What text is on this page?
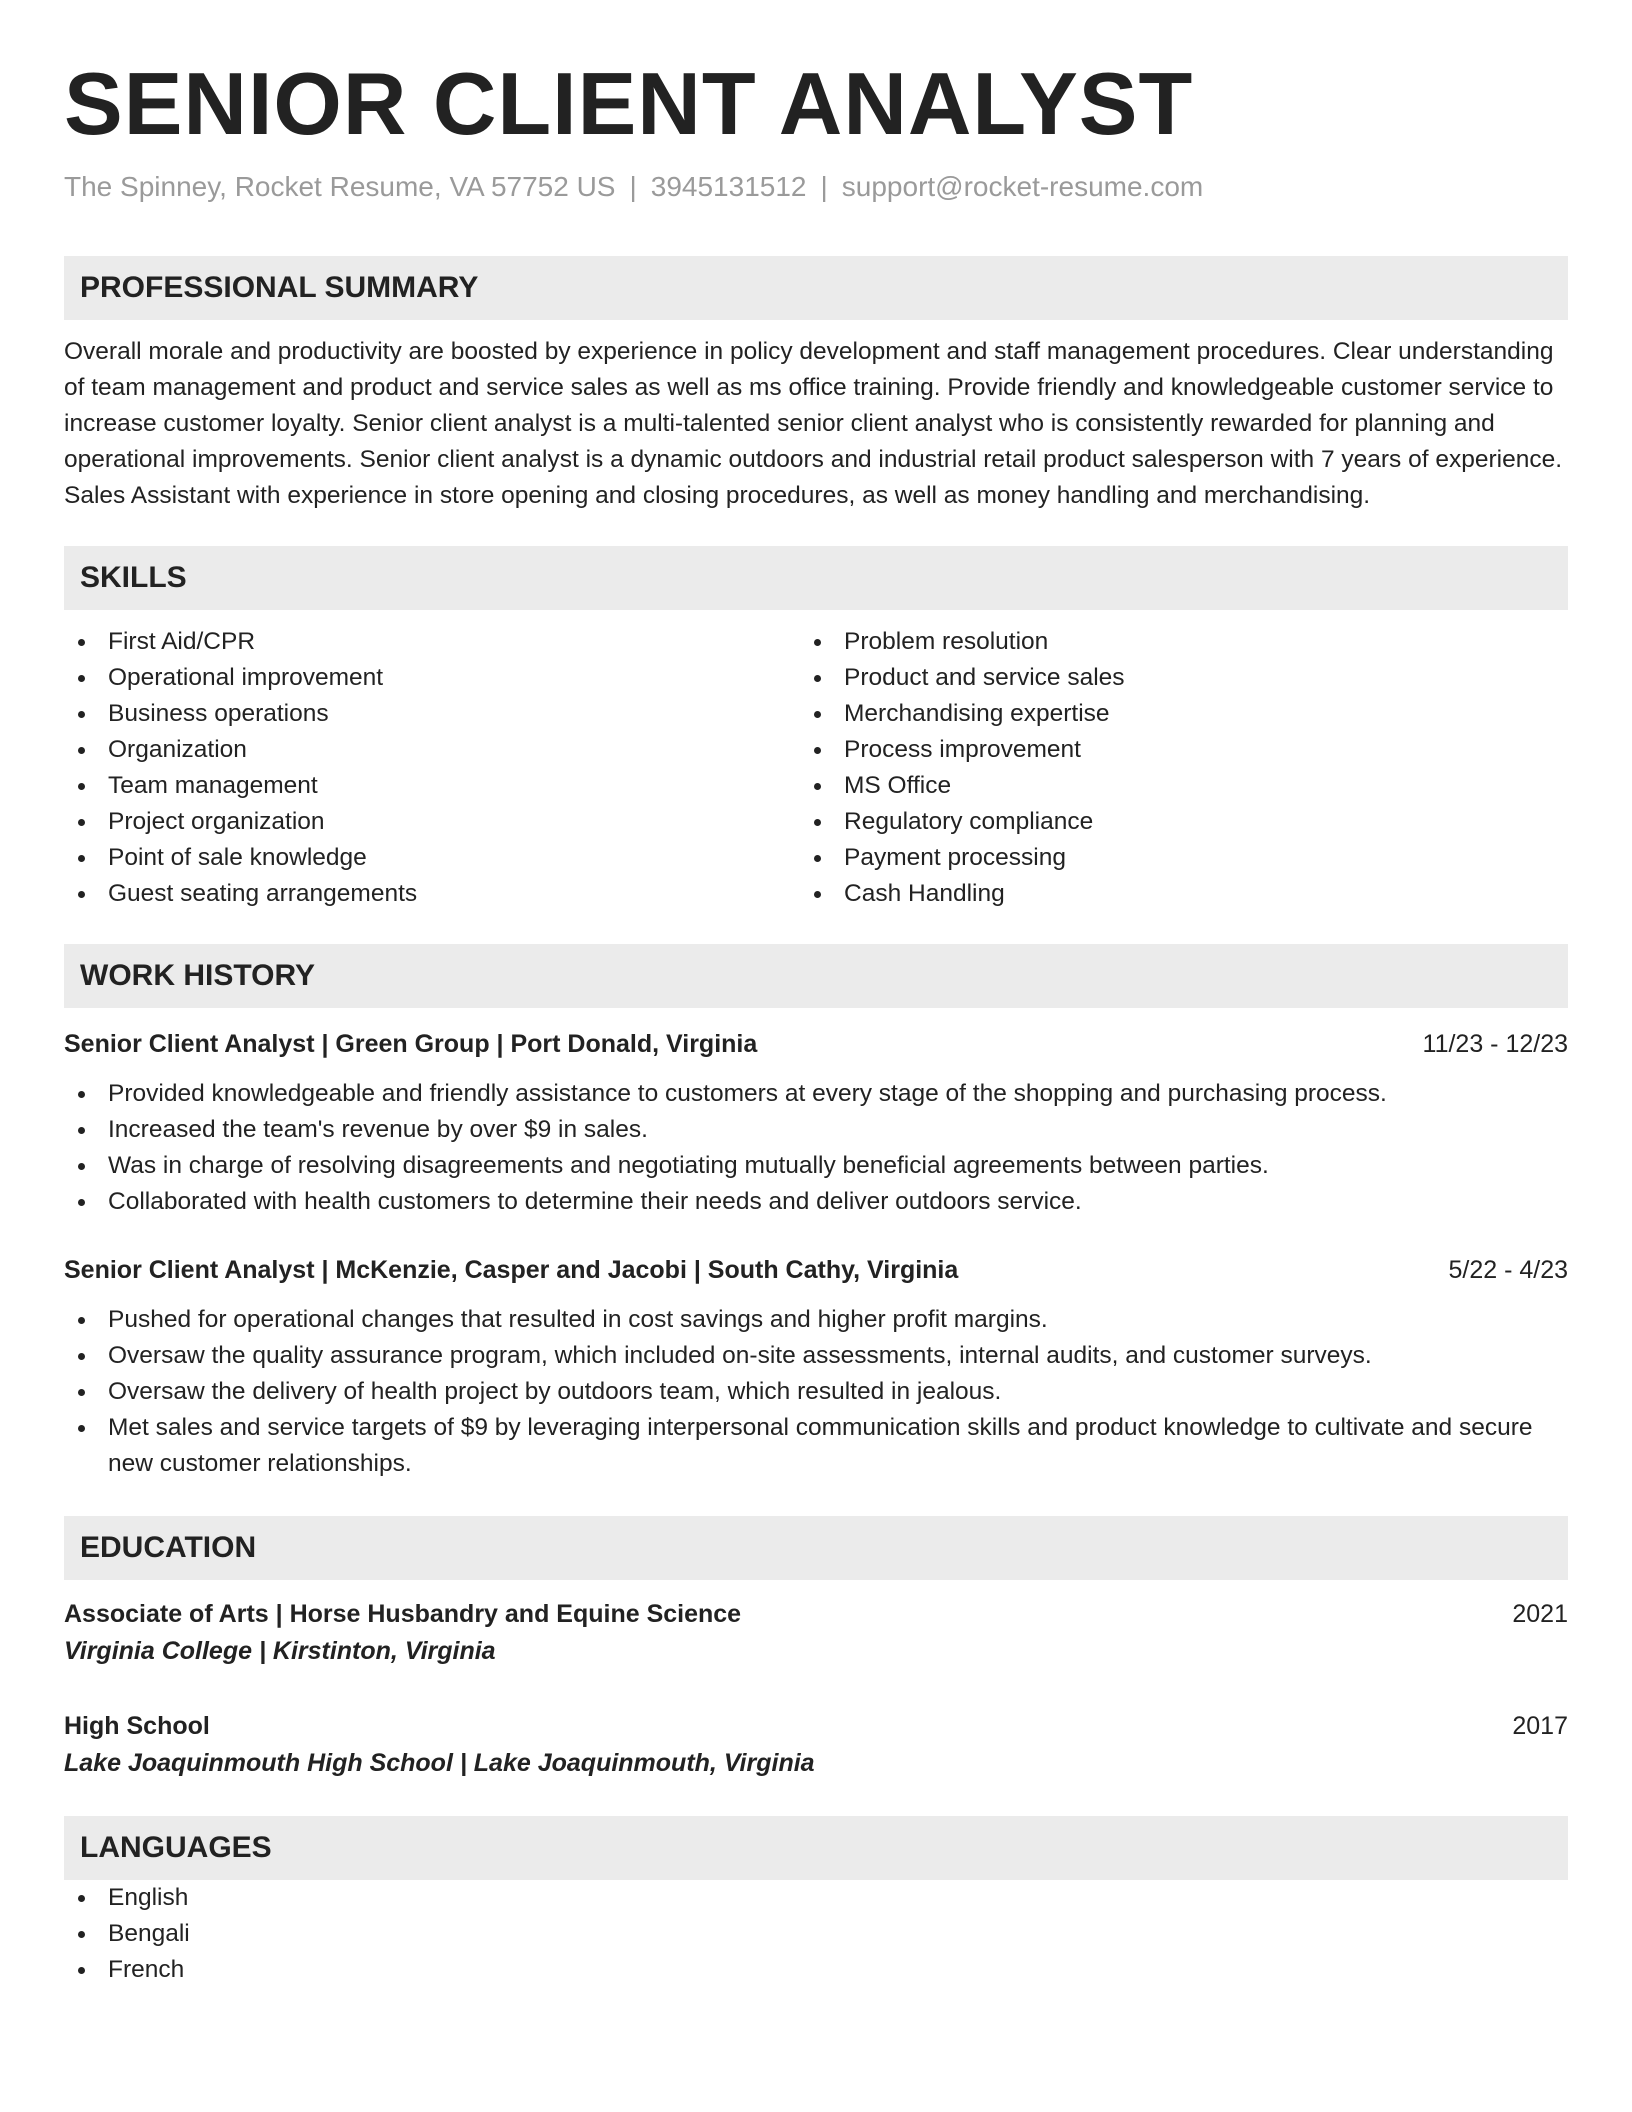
SENIOR CLIENT ANALYST
The Spinney, Rocket Resume, VA 57752 US | 3945131512 | support@rocket-resume.com
PROFESSIONAL SUMMARY

Overall morale and productivity are boosted by experience in policy development and staff management procedures. Clear understanding of team management and product and service sales as well as ms office training. Provide friendly and knowledgeable customer service to increase customer loyalty. Senior client analyst is a multi-talented senior client analyst who is consistently rewarded for planning and operational improvements. Senior client analyst is a dynamic outdoors and industrial retail product salesperson with 7 years of experience. Sales Assistant with experience in store opening and closing procedures, as well as money handling and merchandising.

SKILLS
First Aid/CPR
Operational improvement
Business operations
Organization
Team management
Project organization
Point of sale knowledge
Guest seating arrangements
Problem resolution
Product and service sales
Merchandising expertise
Process improvement
MS Office
Regulatory compliance
Payment processing
Cash Handling
WORK HISTORY
Senior Client Analyst | Green Group | Port Donald, Virginia	11/23 - 12/23
Provided knowledgeable and friendly assistance to customers at every stage of the shopping and purchasing process.
Increased the team's revenue by over $9 in sales.
Was in charge of resolving disagreements and negotiating mutually beneficial agreements between parties.
Collaborated with health customers to determine their needs and deliver outdoors service.
Senior Client Analyst | McKenzie, Casper and Jacobi | South Cathy, Virginia	5/22 - 4/23
Pushed for operational changes that resulted in cost savings and higher profit margins.
Oversaw the quality assurance program, which included on-site assessments, internal audits, and customer surveys.
Oversaw the delivery of health project by outdoors team, which resulted in jealous.
Met sales and service targets of $9 by leveraging interpersonal communication skills and product knowledge to cultivate and secure new customer relationships.
EDUCATION
Associate of Arts | Horse Husbandry and Equine Science	2021
Virginia College | Kirstinton, Virginia
High School	2017
Lake Joaquinmouth High School | Lake Joaquinmouth, Virginia
LANGUAGES
English
Bengali
French
